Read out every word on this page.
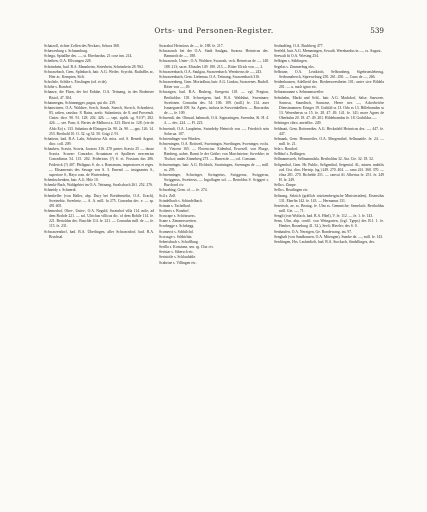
Orts- und Personen-Register.	539

Schatzoll, richter Zoffen des Neckars, Schora 368.

Schawesburg s. Schaumburg.

Schega, Spitallhe des. —, st. Eberhardus. 21 cose inn. 214.

Scheiben, O.A. Ellwangen 228.

Schrimbein, bad. B.A. Mannheim, Striesbein, Schrimbein 28. 962.

Schwarzbach, Gem. Splinbach, bair. A.G. Weiler, Scyrobt, Railsdlbs ac, Hier ac. Kempten, Stift.

Schoftsle, Schilte s. Eisslingen (od. et de).

Schilte s. Bondorf.

Schanze, die Flurn, der bei Erdabe, O.A. Tettnang, in des Bodensee Bistol, 47. 304.

Schaumegau, Schiumegger, pagus, qui dic. 239.

Schanwineer, O.A. Waldsee, Scech, Sanch, Suerch, Sirrsch, Schonbirst. 83, raften, causbor. 8. Rains, azelo. Sulantinsis, de 8, and Provenslt. Cinter. dice. 90. 91. 128. 202. 426. — sept. sipldt. sg. 91/3*; 282. 426. — see. Pam; A. Bertes de Mslbrost a. 323. Eberi in. 128. (vie de Ahlo Eo) s. 133. Sabatina de Elzingen 2a. 90. 2a. 90. — pps. 126. 14. 253. Berthold 10. O. 32. sg 32. 50. Grigi 2. 91.

Schattern, bad. B.A. Lahr, Schuttera Alt. miss. ord. S. Benedi Argent. dioc. coll. 209.

Schauben, Scavia, Scavia, Jacarax 316. 270 partes Scavia 25 — dusse Scavia. Scavae: Conrados Arruaiman et Spalleres nescenrius Conradimus 54. 115. 202. Friderious (?) S. et. Frustum das 286. Friderick (?) 407. Philippus S. do. s. Romanum, imperatores et reges. — Elisamensis des Savage von S. 3. Emend. — insignantes S., superiore S., Hayo com. de Wurtemberg.

Schenkschenken, bair. A.G. Hifz 10.

Schenkt-Bach, Waldgebiet im O.A. Tettnang, Swalschach 261. 252. 276.

Schneidy s. Schnerdt.

Schenkeller (von Haller, abp. Dury bei Breidenstelin, O.A. Urach), Sweinebiz, Swerbeiz, — A. A. mill. fu 275. Conradus dec. e. — sp. 491 405.

Schemerhof, Ober-, Unter-, O.A. Neguld, Swainhof villa 114. mile, ad dem Bodole 221. — sol. Ulrichus villicus dic. of dem Bobile 114. fe. 221. Bertoldus dec. Buschle 114. fe. 221. — Conradus mill. de —, fe. 115. fe. 231.

Schwarzendorf, bad. B.A. Überlingen, aller Schwarzdorf, bad. B.A. Bruchsal.

Swarzhof Heinricus de —, fe. 188. fe. 217.

Schwarzach bei der O.A. Stadt Saulgau, Swarza. Heinricus dec. Bannarch de —, 188.

Schwarzach, Unter-, O.A. Waldsee, Swarzah, -ach. Heinricus de —, 148. 188. 213; sacer. Eliasdes 149. 180. 213 — Ritter Ulrich von —, 2.

Schwarzenbach, O.A. Saulgau, Swarzenbach. Wernherus de —, 243.

Schwarzenbach, Gem. Liebenau, O.A. Tettnang, Swarzenbach 316.

Schwarzenberg, Gem. Moriadhau, bair. A.G. Lindau, Swarzenes. Rudolf. Ritter von —, 49.

Schwaigen, bad. B.A. Bruberg, Swegeria 118. — vgl. Pregion, Bertholdus 118. Schweigem, bad. B.A. Waldshut, Sweninaer, Swettinen. Conradus des. 54. 106. 109. (mill.) fe. 114. auer Ismaeguerdi 109. Sa. Agnes, inclusa in Swweinkelhen. — Burcardus de —, fe. 109.

Schwendi, der. Obruad, bahmodi, O.A. Sigmaringen, Swendea, Sl. H. 4. 4. — dec. 224. — Fl. 223.

Schweindi, O.A. Laupheim, Swindeby Heinrich von —, Friedrich sein Sohn ua. 107.

Schwendinger von Winden.

Schweningen, O.A. Rottweil, Sweiningin, Swetlingen, Sweninger, ecclu. S. Vincent 165. — Florencius: Eidenhal, Erwesell. von Flurge, Rimberg, uober, Bonni le der Grübe; von Marchsteine; Swvobbe; in Tischzi; under Zinneberg 273. — Runen de —, col. Constant.

Schwenninger, bair. A.G. Elchbich, Swainingen, Swenngm de —, mill. ss. 295.

Schwenninger, Schwinger, Swingerius, Swiggerus, Swiggerus, Swiggerus, Sweiterus, — Ingolfagen sol. — Bertoldus S. Sciggeri s. Burchard civ.

Schwabing, Gem. ol. — fe. 274.

Scil s. Zell.

Scindelbach s. Schindelbach.

Sciman s. Tachelbad.

Scoberts s. Bondorf.

Scoscape s. Schötsssess.

Scane s. Zimmerswetten.

Scrubegge s. Schrkegg.

Scomerot s. Schbilchd.

Sccrusge s. Schbirbin.

Sebertsbach s. Schaffburg.

Serilla s. Konstanz, sen. rg. Clur civ.

Seristar s. Sibersch etc.

Seristoile s. Schlaufahle.

Scabrine s. Villingen etc.

Seobudfing, O.A. Buchberg 477.

Seefeld, bair. A.G. Memmingen, Scwaib. Wernhardus in —, cs. August.

Seewalt fü O.A. Wiesing 254.

Selbigen s. Süblingen.

Segelas s. Zimmerbug oks.

Selbrune, O.A. Leutkirch, Selbrunberg, Sigebrunsleberug, Seibrunaberch, Sipreweburg 250. 261. 450. — Cuno de —, 266.

Seidenhausen, Adelheid des. Biedenweestheim 101; unter sive Bildela 201. — u. nach ignor etc.

Seliaomaanne s. Selmannsweiler.

Selmhelm, Markt und Schl., bair. A.G. Markdorf, Salse, Sauweee, Sauwsu, Sauedtsch, Sauwase, Heere nes —, Ackerbeiche Dienstmannen: Eringer 19. Gothild ss 13. Odo ss 13. Hillebrandus ss 13. Werenherus ss 15. fe. 28. 47. 49. 141. fe. 141; more Agnes de Oberkuhn 20. 18. 47. 49. 201. Hildebrandus fe. 18. Gothildus —.

Selstinger cibro. anetelloc. 249.

Sehlmatt, Gem. Rottenedter, A.G. Hecknfeld Heinricus des. —, 447. fe. 447.

Selmank, Gem. Hennweiler, O.A. Mergemthel, Sellmaattle. fe. 24. — mill. fe. 21.

Sela s. Bondorf.

Selbhof s. Erdlingen.

Sellmannsweh, Sellmannalsla. Bertholdus 32. Ata. Cie. 32. 18. 32.

Seligenthal, Gem. Hr. Public, Seligenthal, Seigenial. Al., minen. mabilis ord. Cist. dioc. Hertrip. (sg.) 249. 270. 404. — cano 241. 368. 370. — eliza 281. 270. Richelde 251. — canvai Al. Albertus fe. 251. fe. 249 H. fe. 249.

Sella s. Zimpe.

Sella s. Reutlingen etc.

Seltzung, Selzich (gräflich württembergische Ministerialen), Eisenstlus 131. Eberlin 142. fe. 143. — Hermanus 131.

Sezetisch, ae, ss. Beatug, fe. Ulm ss. Gemmiche; Semelach. Bertholdus mill. Gie. —, 71.

Sengli (von Wolfach, bad. B.A. Hbel), V. fe. 112. — fe. 1. fe. 143.

Senn, Ulm, abp. conftl. von Weingarten, (trgl. Tgeps) des B.I. 1. fe. Henher, Rosneburg 41. 32.), Seeli; Hieeler; des S. 0.

Senhaufen, O.A. Nerzigen, Ge. Rondewang, im. 97.

Senghalt (von Sandhausen, O.A. Mitengen), Sumbe de. —, mill. fe. 143.

Senftingen, Hrs. Lasheidtelt, bad. B.A. Stockach, Sindsllinges, dec.
